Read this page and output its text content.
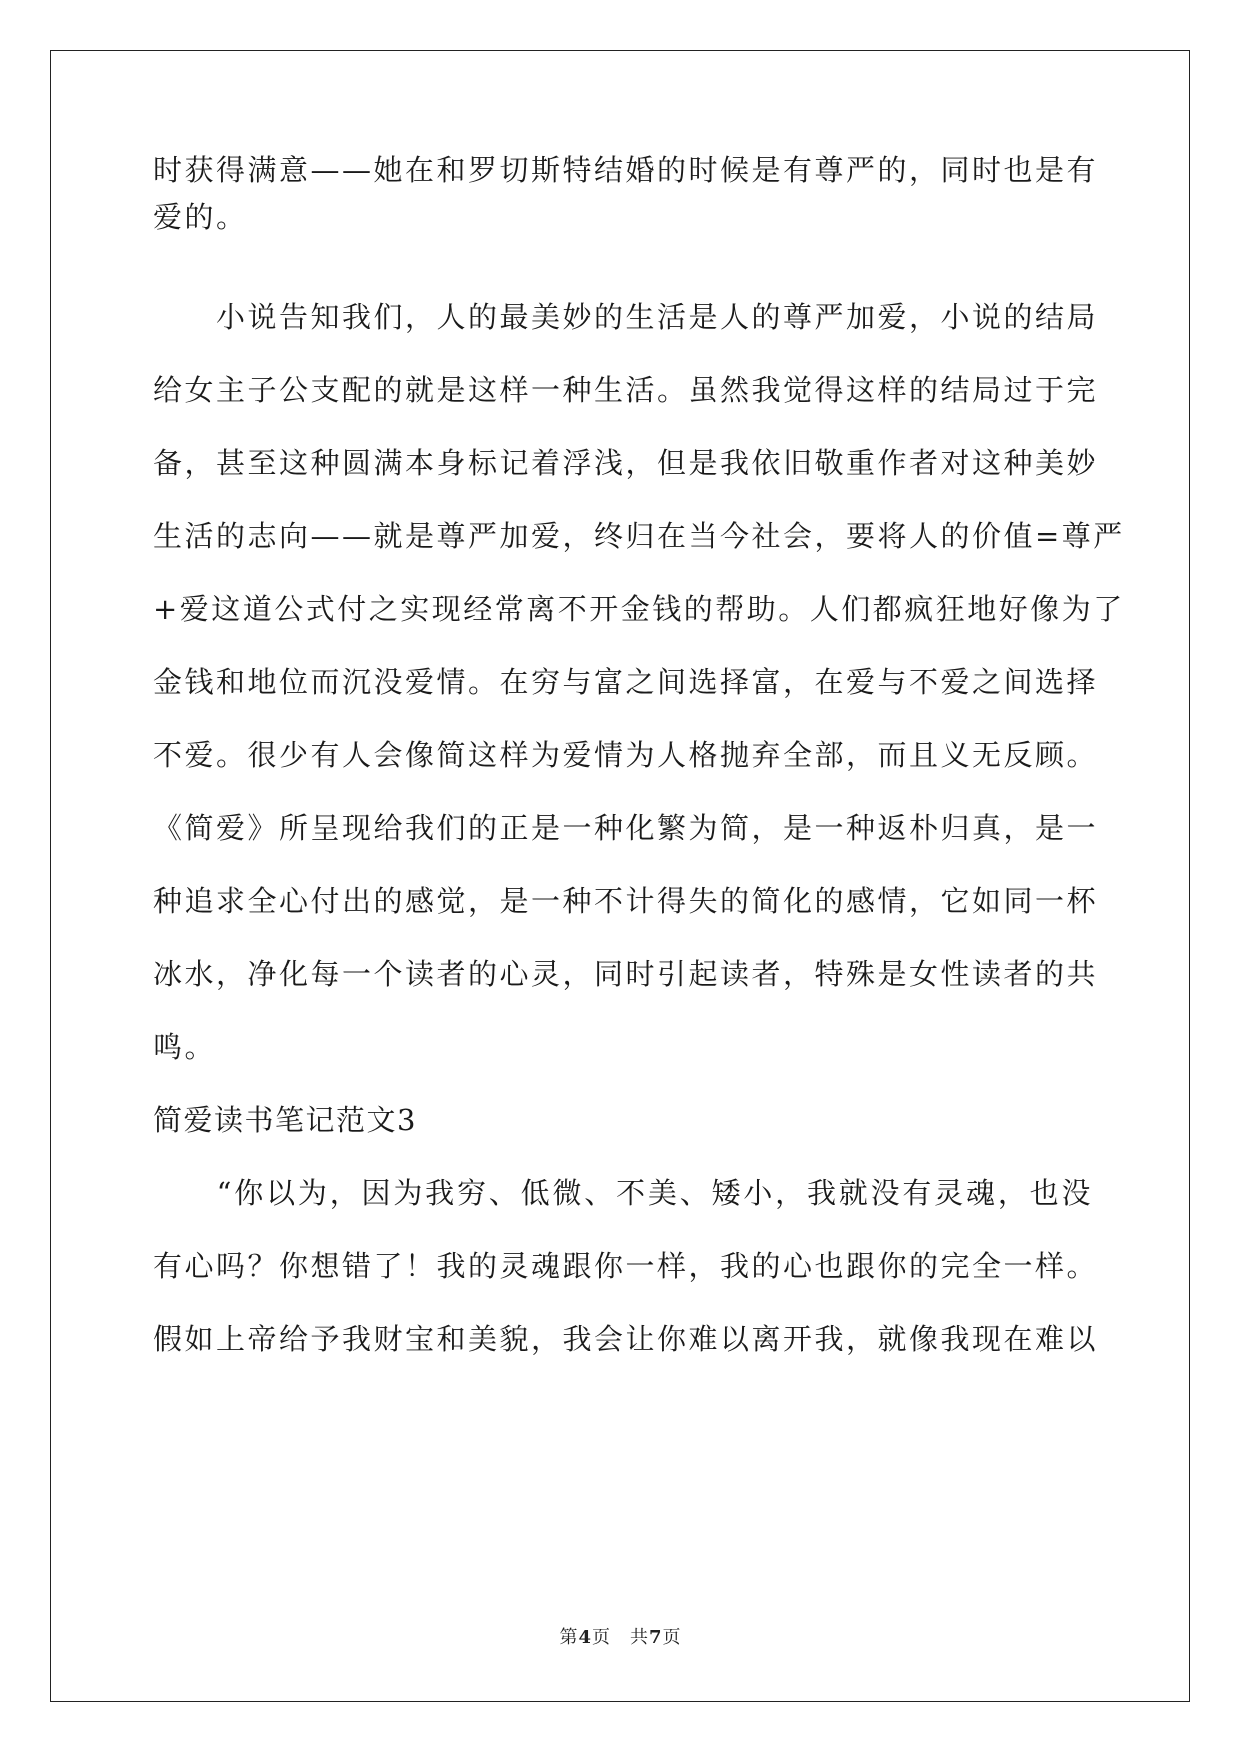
时获得满意——她在和罗切斯特结婚的时候是有尊严的，同时也是有
爱的。
　　小说告知我们，人的最美妙的生活是人的尊严加爱，小说的结局
给女主子公支配的就是这样一种生活。虽然我觉得这样的结局过于完
备，甚至这种圆满本身标记着浮浅，但是我依旧敬重作者对这种美妙
生活的志向——就是尊严加爱，终归在当今社会，要将人的价值=尊严
+爱这道公式付之实现经常离不开金钱的帮助。人们都疯狂地好像为了
金钱和地位而沉没爱情。在穷与富之间选择富，在爱与不爱之间选择
不爱。很少有人会像简这样为爱情为人格抛弃全部，而且义无反顾。
《简爱》所呈现给我们的正是一种化繁为简，是一种返朴归真，是一
种追求全心付出的感觉，是一种不计得失的简化的感情，它如同一杯
冰水，净化每一个读者的心灵，同时引起读者，特殊是女性读者的共
鸣。
简爱读书笔记范文3
　　“你以为，因为我穷、低微、不美、矮小，我就没有灵魂，也没
有心吗？你想错了！我的灵魂跟你一样，我的心也跟你的完全一样。
假如上帝给予我财宝和美貌，我会让你难以离开我，就像我现在难以
第4页　共7页
